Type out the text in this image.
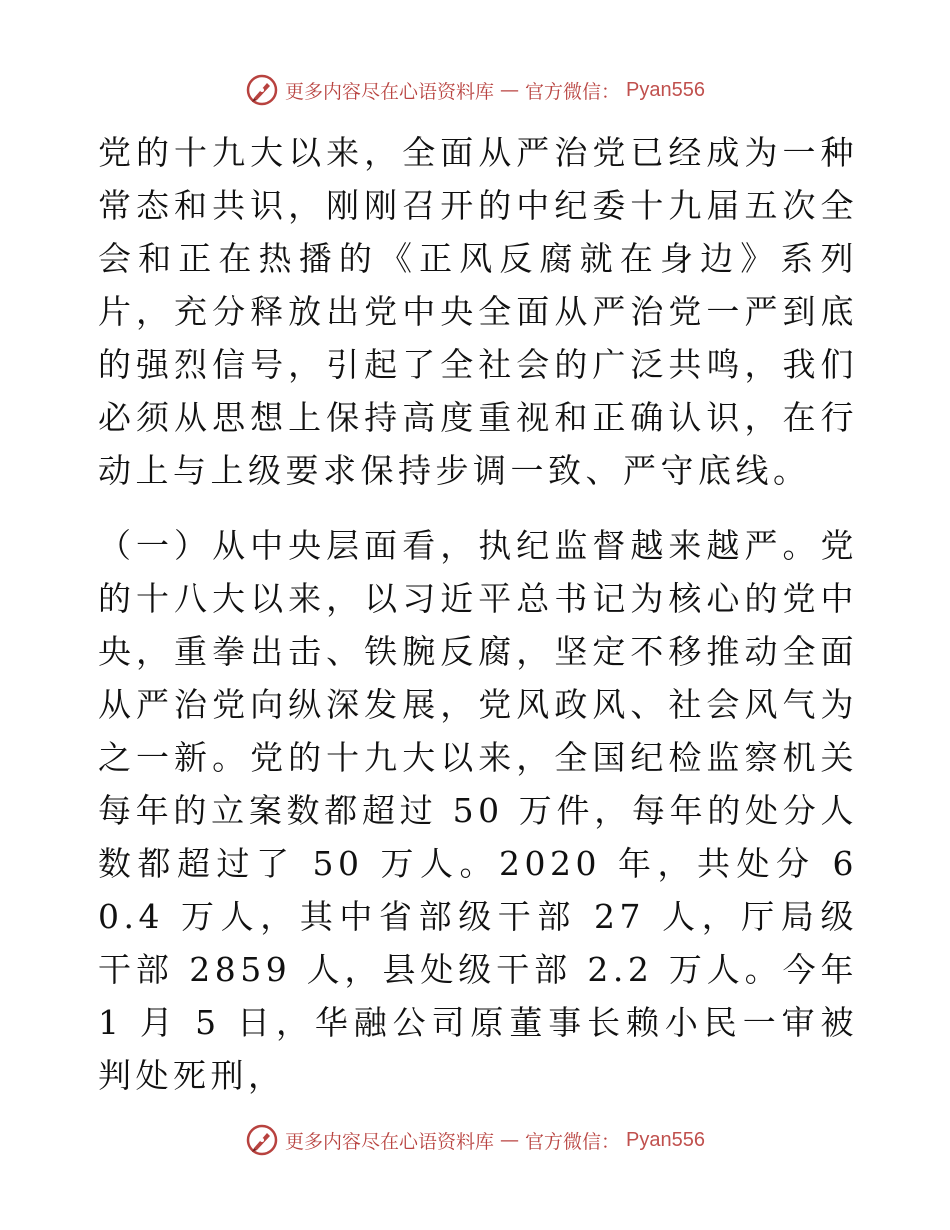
更多内容尽在心语资料库 — 官方微信： Pyan556

党的十九大以来，全面从严治党已经成为一种常态和共识，刚刚召开的中纪委十九届五次全会和正在热播的《正风反腐就在身边》系列片，充分释放出党中央全面从严治党一严到底的强烈信号，引起了全社会的广泛共鸣，我们必须从思想上保持高度重视和正确认识，在行动上与上级要求保持步调一致、严守底线。

（一）从中央层面看，执纪监督越来越严。党的十八大以来，以习近平总书记为核心的党中央，重拳出击、铁腕反腐，坚定不移推动全面从严治党向纵深发展，党风政风、社会风气为之一新。党的十九大以来，全国纪检监察机关每年的立案数都超过 50 万件，每年的处分人数都超过了 50 万人。2020 年，共处分 60.4 万人，其中省部级干部 27 人，厅局级干部 2859 人，县处级干部 2.2 万人。今年 1 月 5 日，华融公司原董事长赖小民一审被判处死刑，

更多内容尽在心语资料库 — 官方微信： Pyan556
